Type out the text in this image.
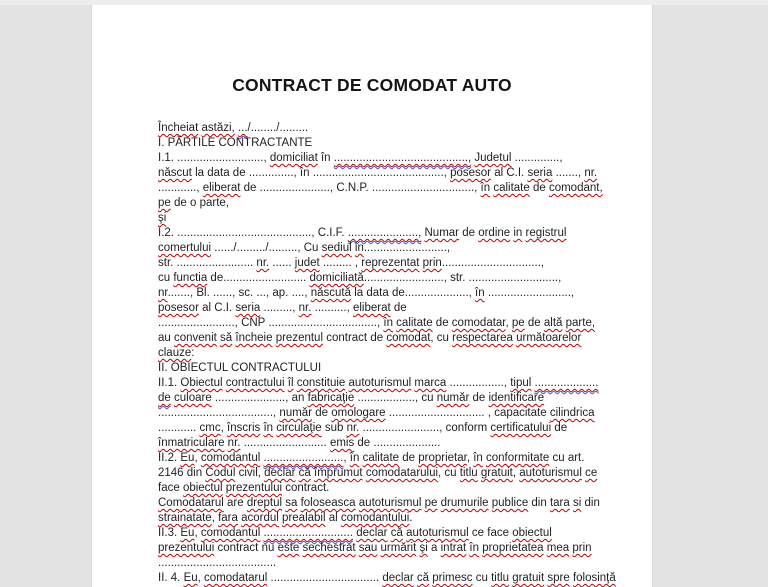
CONTRACT DE COMODAT AUTO
Încheiat astăzi, .../......../.........
I. PĂRTILE CONTRACTANTE
I.1. ..........................., domiciliat în .........................................., Judetul ..............,
născut la data de .............., în ........................................., posesor al C.I. seria ......., nr.
............, eliberat de ......................, C.N.P. ................................, în calitate de comodant,
pe de o parte,
şi
I.2. .........................................., C.I.F. ......................, Numar de ordine in registrul
comertului ....../........./........., Cu sediul in..........................,
str. ........................ nr. ...... judet ......... , reprezentat prin...............................,
cu functia de.......................... domiciliată........................., str. ............................,
nr......., Bl. ......, sc. ..., ap. ...., născută la data de...................., în ..........................,
posesor al C.I. seria ........., nr. .........., eliberat de
........................, CNP .................................., în calitate de comodatar, pe de altă parte,
au convenit să încheie prezentul contract de comodat, cu respectarea următoarelor
clauze:
II. OBIECTUL CONTRACTULUI
II.1. Obiectul contractului îl constituie autoturismul marca ................., tipul ....................
de culoare ......................, an fabricaţie .................., cu număr de identificare
...................................., număr de omologare .............................. , capacitate cilindrica
............ cmc, înscris în circulaţie sub nr. ........................, conform certificatului de
înmatriculare nr. .......................... emis de .....................
II.2. Eu, comodantul ........................., în calitate de proprietar, în conformitate cu art.
2146 din Codul civil, declar că împrumut comodatarului, cu titlu gratuit, autoturismul ce
face obiectul prezentului contract.
Comodatarul are dreptul sa foloseasca autoturismul pe drumurile publice din tara si din
strainatate, fara acordul prealabil al comodantului.
II.3. Eu, comodantul ............................ declar că autoturismul ce face obiectul
prezentului contract nu este sechestrat sau urmărit şi a intrat în proprietatea mea prin
.....................................
II. 4. Eu, comodatarul .................................. declar că primesc cu titlu gratuit spre folosinţă
